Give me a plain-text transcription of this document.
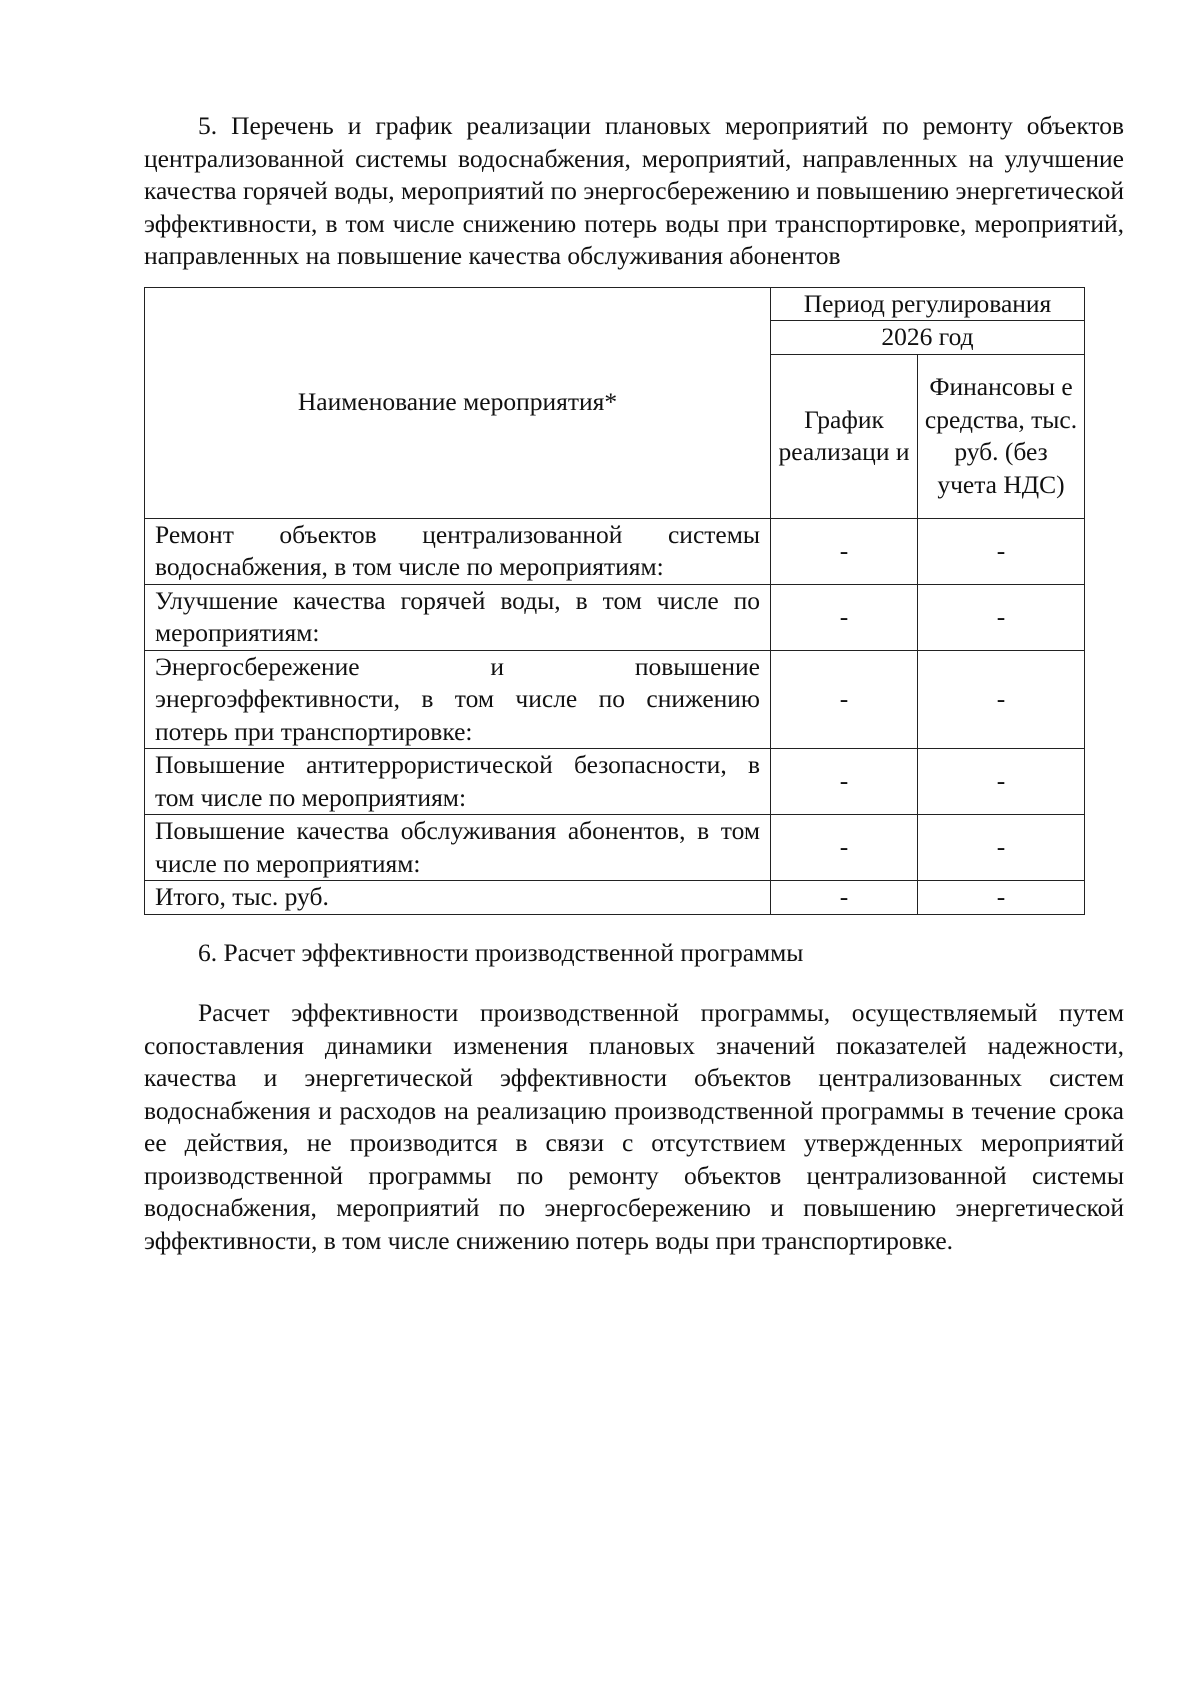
5. Перечень и график реализации плановых мероприятий по ремонту объектов централизованной системы водоснабжения, мероприятий, направленных на улучшение качества горячей воды, мероприятий по энергосбережению и повышению энергетической эффективности, в том числе снижению потерь воды при транспортировке, мероприятий, направленных на повышение качества обслуживания абонентов

Наименование мероприятия*	Период регулирования	
	2026 год	
	График реализаци и	Финансовы е средства, тыс. руб. (без учета НДС)
Ремонт объектов централизованной системы водоснабжения, в том числе по мероприятиям:	-	-
Улучшение качества горячей воды, в том числе по мероприятиям:	-	-
Энергосбережение и повышение энергоэффективности, в том числе по снижению потерь при транспортировке:	-	-
Повышение антитеррористической безопасности, в том числе по мероприятиям:	-	-
Повышение качества обслуживания абонентов, в том числе по мероприятиям:	-	-
Итого, тыс. руб.	-	-

6. Расчет эффективности производственной программы

Расчет эффективности производственной программы, осуществляемый путем сопоставления динамики изменения плановых значений показателей надежности, качества и энергетической эффективности объектов централизованных систем водоснабжения и расходов на реализацию производственной программы в течение срока ее действия, не производится в связи с отсутствием утвержденных мероприятий производственной программы по ремонту объектов централизованной системы водоснабжения, мероприятий по энергосбережению и повышению энергетической эффективности, в том числе снижению потерь воды при транспортировке.
